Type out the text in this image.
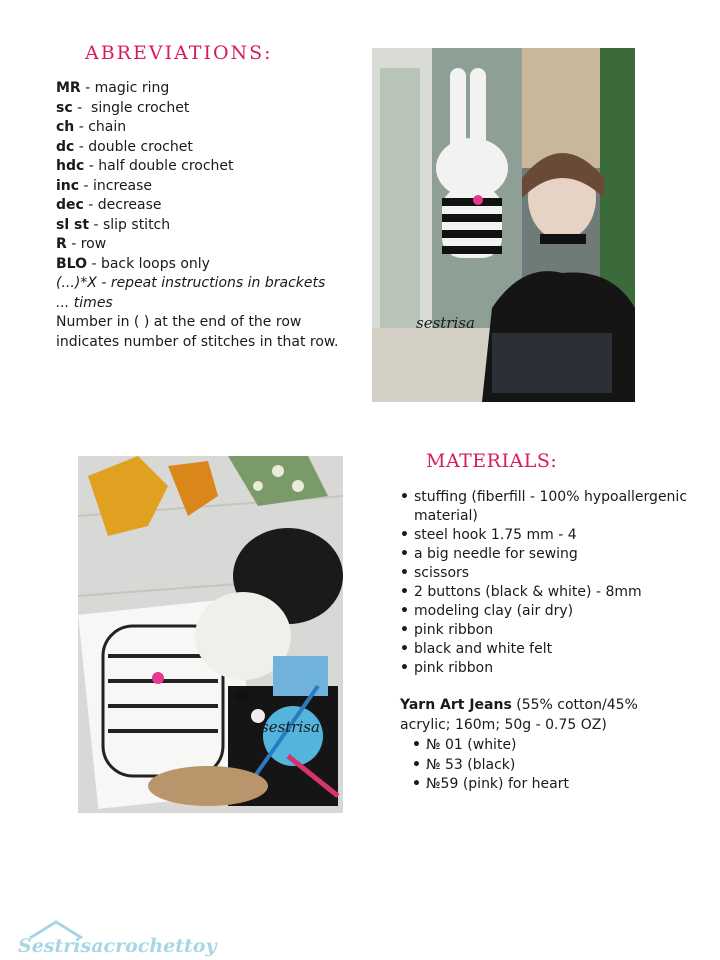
ABREVIATIONS:
MR - magic ring
sc -  single crochet
ch - chain
dc - double crochet
hdc - half double crochet
inc - increase
dec - decrease
sl st - slip stitch
R - row
BLO - back loops only
(...)*X - repeat instructions in brackets
... times
Number in ( ) at the end of the row indicates number of stitches in that row.
sestrisa
MATERIALS:
• stuffing (fiberfill - 100% hypoallergenic material)
• steel hook 1.75 mm - 4
• a big needle for sewing
• scissors
• 2 buttons (black & white) - 8mm
• modeling clay (air dry)
• pink ribbon
• black and white felt
• pink ribbon
Yarn Art Jeans (55% cotton/45% acrylic; 160m; 50g - 0.75 OZ)
• № 01 (white)
• № 53 (black)
• №59 (pink) for heart
sestrisa
Sestrisacrochettoy
